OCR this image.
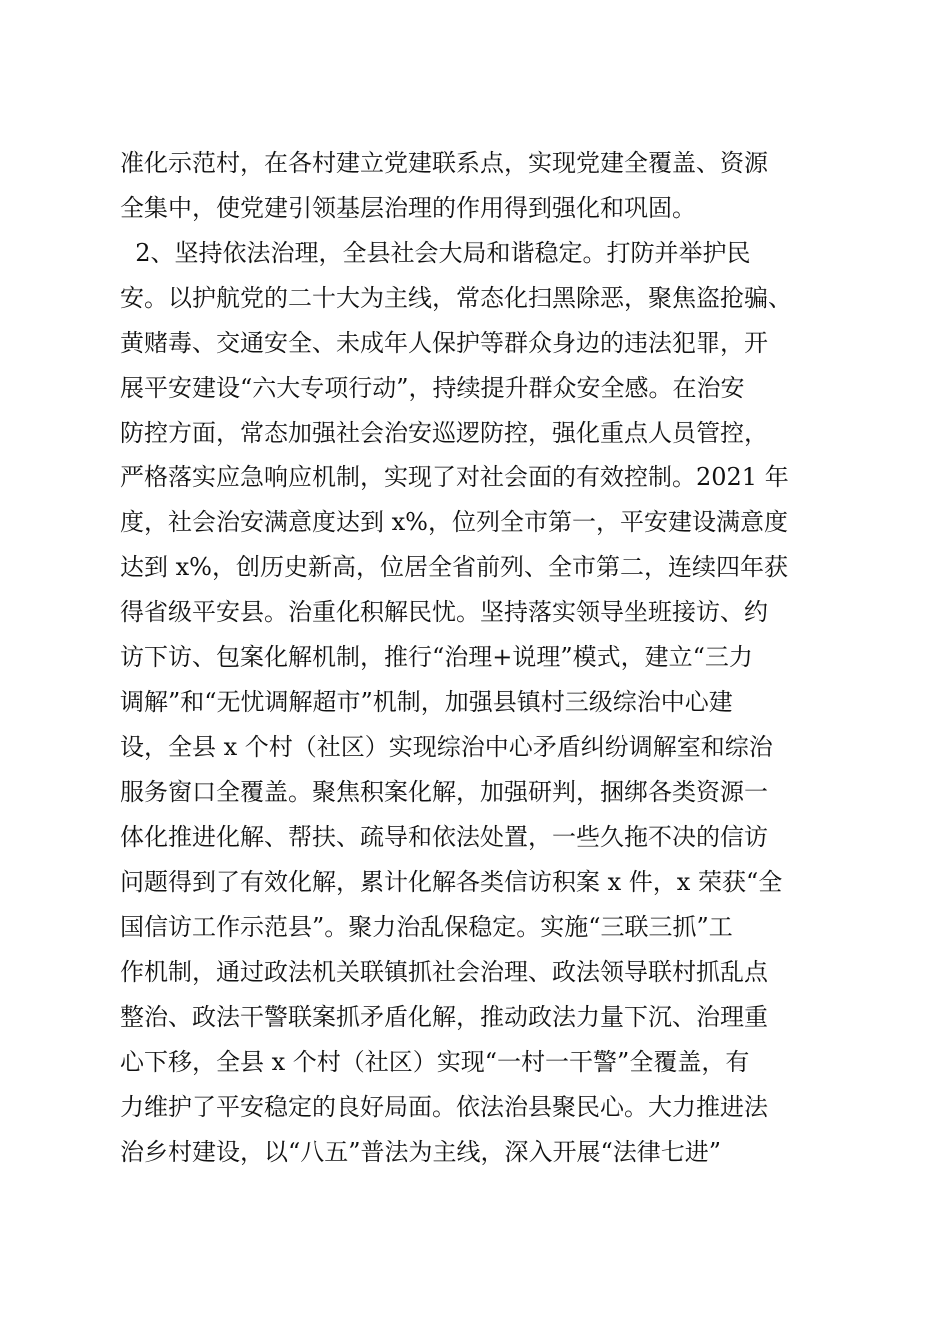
准化示范村，在各村建立党建联系点，实现党建全覆盖、资源
全集中，使党建引领基层治理的作用得到强化和巩固。
2、坚持依法治理，全县社会大局和谐稳定。打防并举护民
安。以护航党的二十大为主线，常态化扫黑除恶，聚焦盗抢骗、
黄赌毒、交通安全、未成年人保护等群众身边的违法犯罪，开
展平安建设“六大专项行动”，持续提升群众安全感。在治安
防控方面，常态加强社会治安巡逻防控，强化重点人员管控，
严格落实应急响应机制，实现了对社会面的有效控制。2021 年
度，社会治安满意度达到 x%，位列全市第一，平安建设满意度
达到 x%，创历史新高，位居全省前列、全市第二，连续四年获
得省级平安县。治重化积解民忧。坚持落实领导坐班接访、约
访下访、包案化解机制，推行“治理+说理”模式，建立“三力
调解”和“无忧调解超市”机制，加强县镇村三级综治中心建
设，全县 x 个村（社区）实现综治中心矛盾纠纷调解室和综治
服务窗口全覆盖。聚焦积案化解，加强研判，捆绑各类资源一
体化推进化解、帮扶、疏导和依法处置，一些久拖不决的信访
问题得到了有效化解，累计化解各类信访积案 x 件，x 荣获“全
国信访工作示范县”。聚力治乱保稳定。实施“三联三抓”工
作机制，通过政法机关联镇抓社会治理、政法领导联村抓乱点
整治、政法干警联案抓矛盾化解，推动政法力量下沉、治理重
心下移，全县 x 个村（社区）实现“一村一干警”全覆盖，有
力维护了平安稳定的良好局面。依法治县聚民心。大力推进法
治乡村建设，以“八五”普法为主线，深入开展“法律七进”
